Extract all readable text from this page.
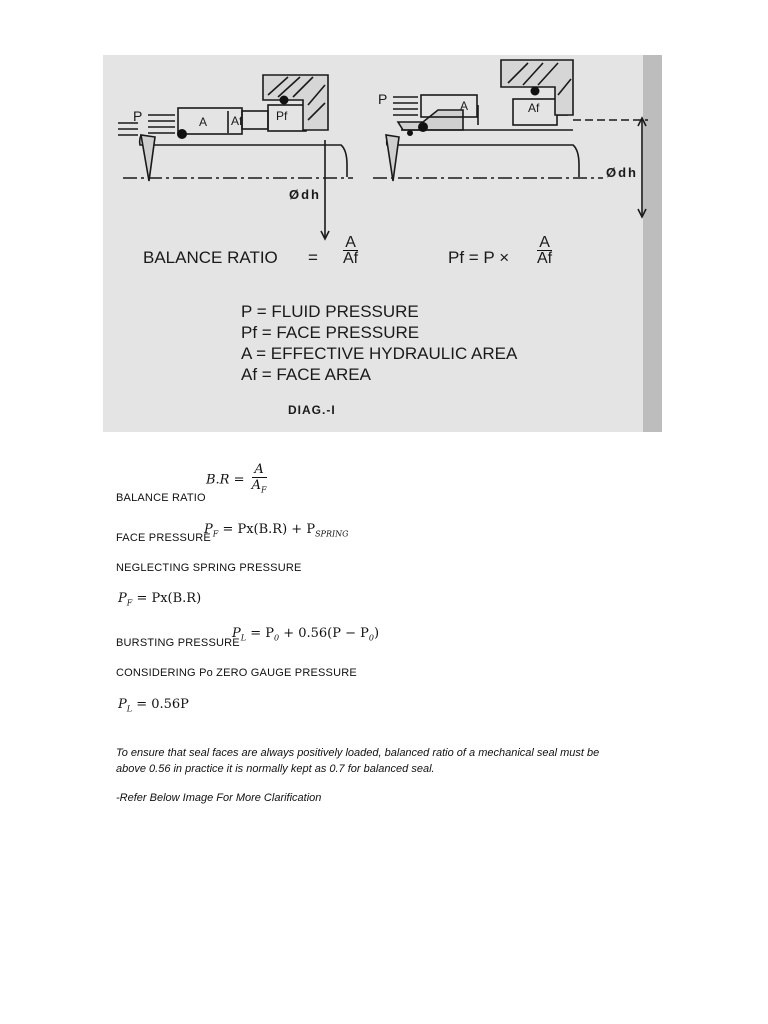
P	A Af	Pf
Ødh
P	A	Af
Ødh
BALANCE RATIO = $\frac{A}{Af}$	$Pf = P \times \frac{A}{Af}$
P = FLUID PRESSURE
Pf = FACE PRESSURE
A = EFFECTIVE HYDRAULIC AREA
Af = FACE AREA
DIAG.-I
$B.R = \frac{A}{A_F}$
BALANCE RATIO
FACE PRESSURE
$P_F = Px(B.R) + P_{SPRING}$
NEGLECTING SPRING PRESSURE
$P_F = Px(B.R)$
BURSTING PRESSURE
$P_L = P_0 + 0.56(P - P_0)$
CONSIDERING Po ZERO GAUGE PRESSURE
$P_L = 0.56P$
To ensure that seal faces are always positively loaded, balanced ratio of a mechanical seal must be
above 0.56 in practice it is normally kept as 0.7 for balanced seal.
-Refer Below Image For More Clarification
